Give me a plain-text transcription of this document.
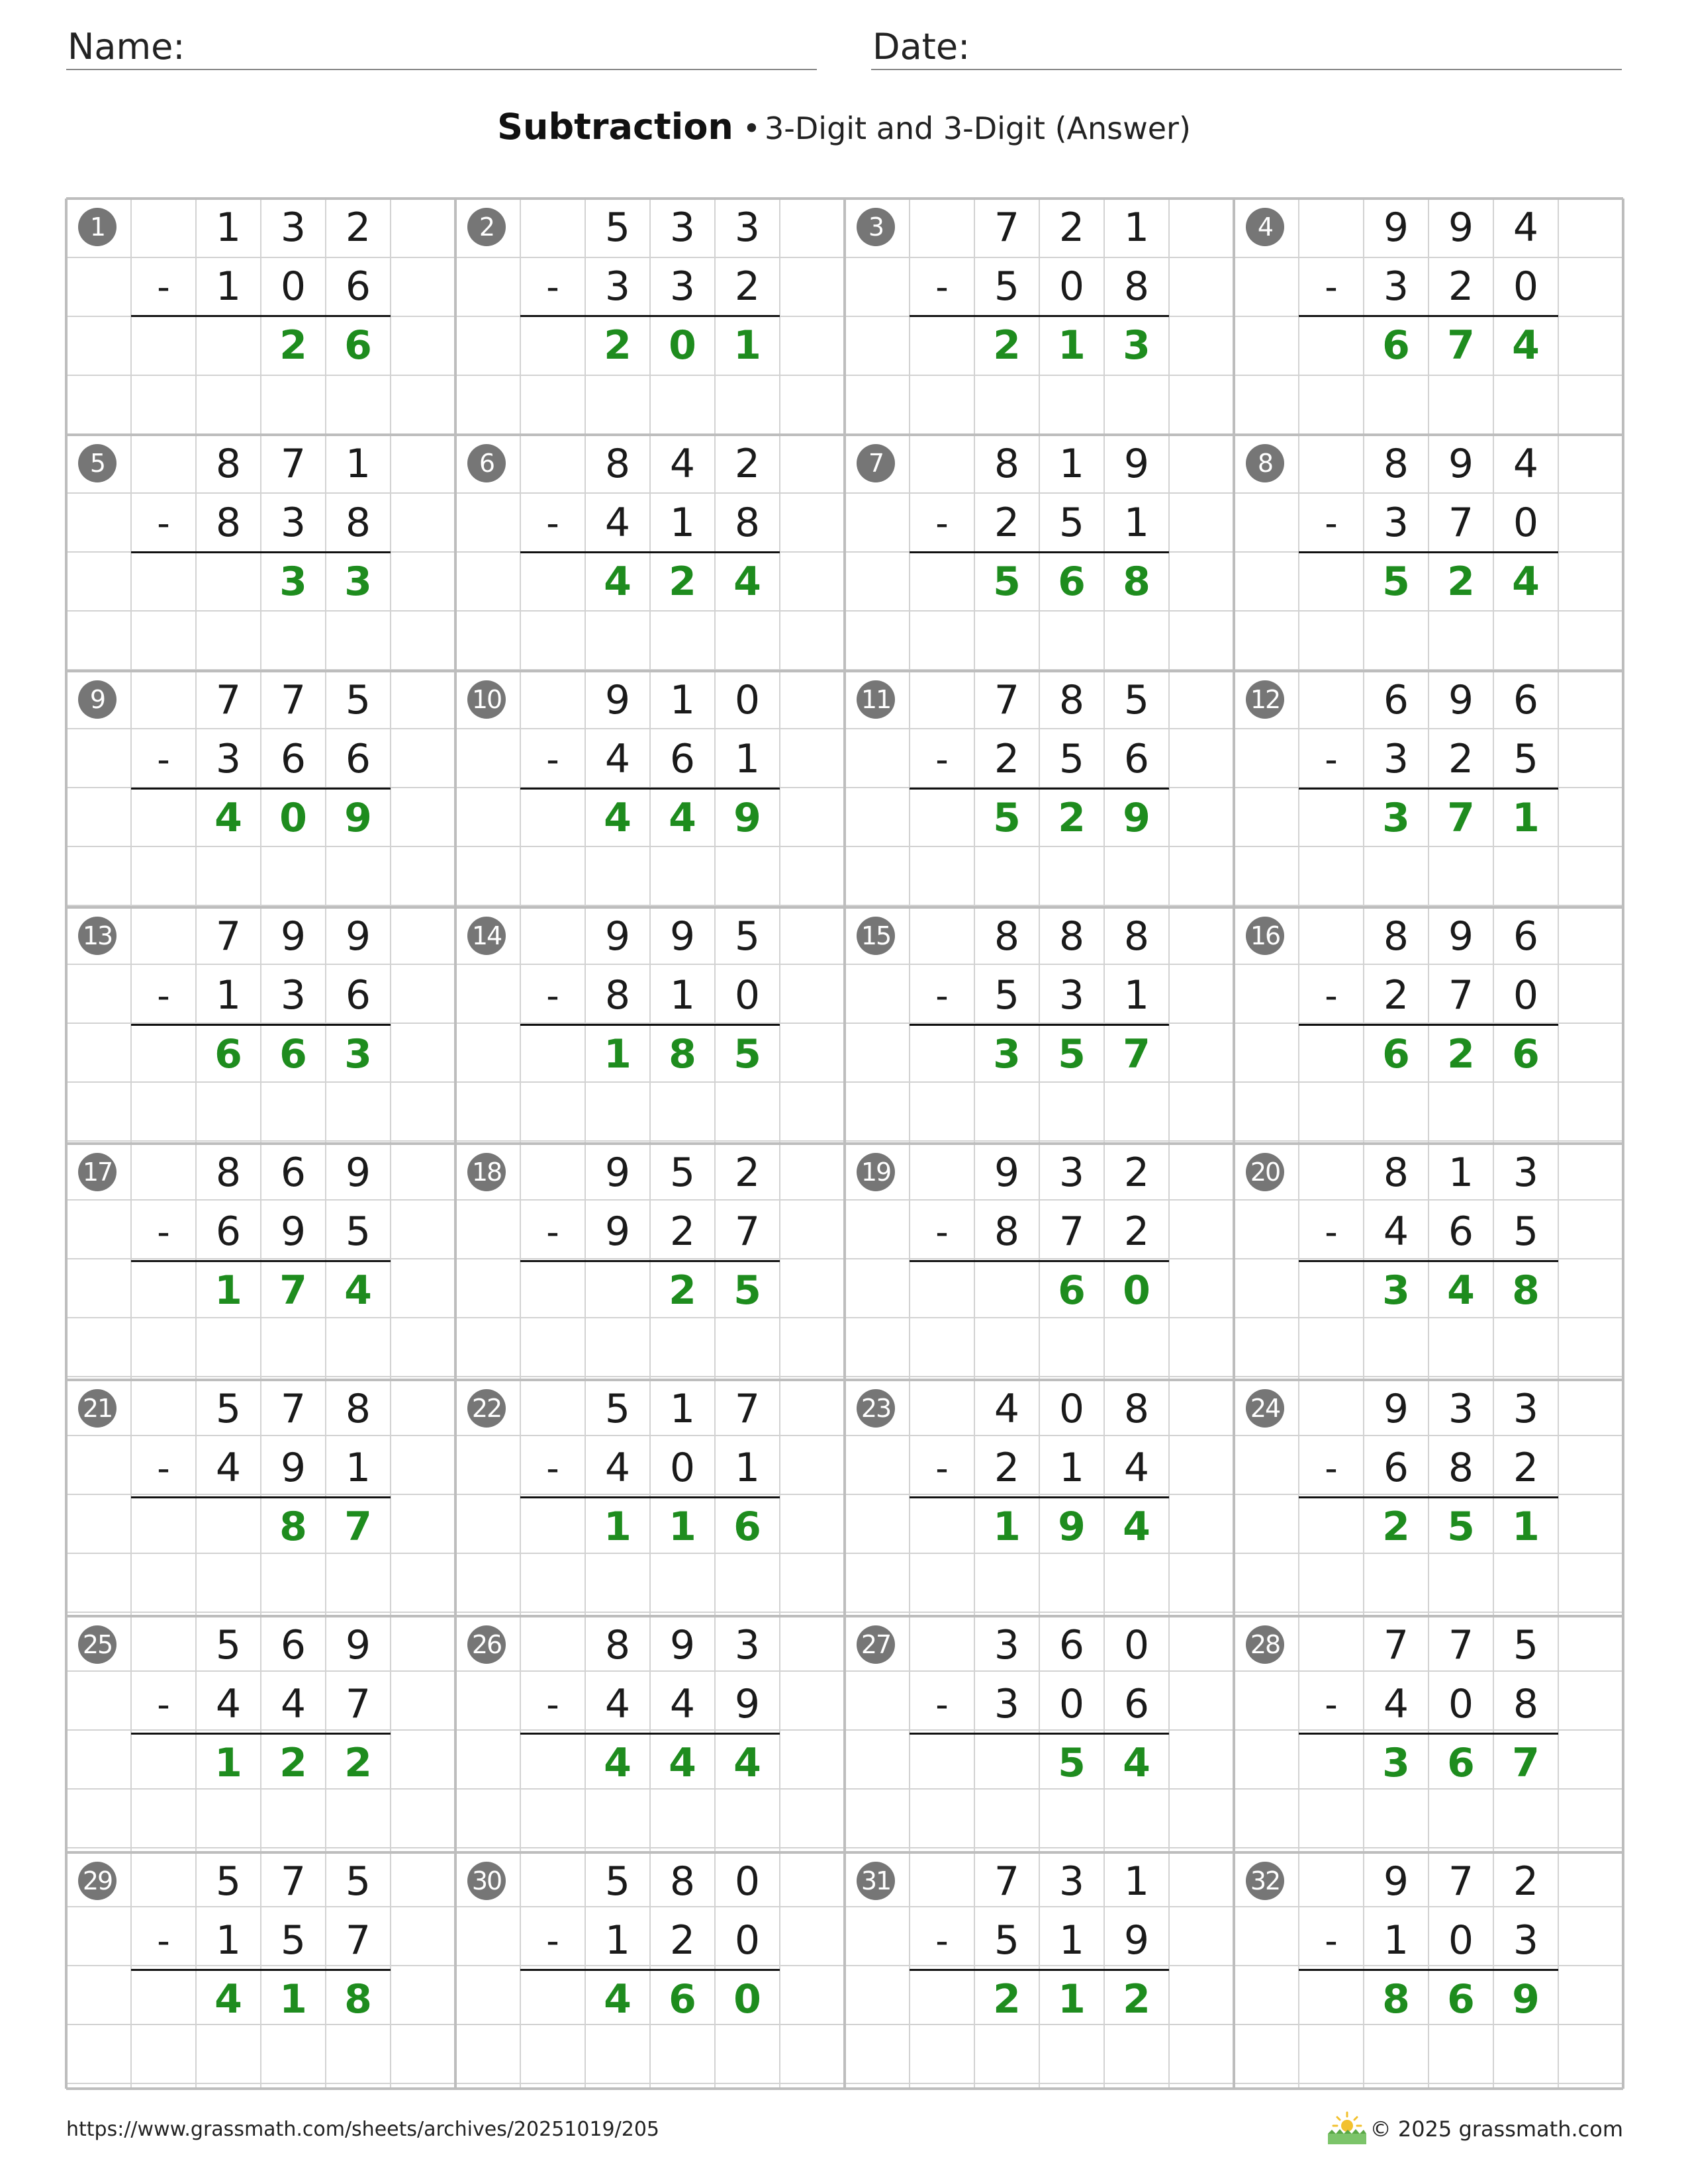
Name:	Date:
Subtraction • 3-Digit and 3-Digit (Answer)
1	1 3 2
-	1 0 6
2 6
2	5 3 3
-	3 3 2
2 0 1
3	7 2 1
-	5 0 8
2 1 3
4	9 9 4
-	3 2 0
6 7 4
5	8 7 1
-	8 3 8
3 3
6	8 4 2
-	4 1 8
4 2 4
7	8 1 9
-	2 5 1
5 6 8
8	8 9 4
-	3 7 0
5 2 4
9	7 7 5
-	3 6 6
4 0 9
10	9 1 0
-	4 6 1
4 4 9
11	7 8 5
-	2 5 6
5 2 9
12	6 9 6
-	3 2 5
3 7 1
13	7 9 9
-	1 3 6
6 6 3
14	9 9 5
-	8 1 0
1 8 5
15	8 8 8
-	5 3 1
3 5 7
16	8 9 6
-	2 7 0
6 2 6
17	8 6 9
-	6 9 5
1 7 4
18	9 5 2
-	9 2 7
2 5
19	9 3 2
-	8 7 2
6 0
20	8 1 3
-	4 6 5
3 4 8
21	5 7 8
-	4 9 1
8 7
22	5 1 7
-	4 0 1
1 1 6
23	4 0 8
-	2 1 4
1 9 4
24	9 3 3
-	6 8 2
2 5 1
25	5 6 9
-	4 4 7
1 2 2
26	8 9 3
-	4 4 9
4 4 4
27	3 6 0
-	3 0 6
5 4
28	7 7 5
-	4 0 8
3 6 7
29	5 7 5
-	1 5 7
4 1 8
30	5 8 0
-	1 2 0
4 6 0
31	7 3 1
-	5 1 9
2 1 2
32	9 7 2
-	1 0 3
8 6 9
https://www.grassmath.com/sheets/archives/20251019/205	© 2025 grassmath.com
